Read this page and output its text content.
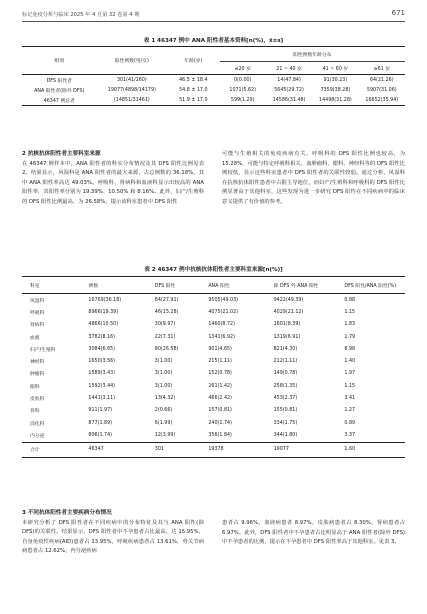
标记免疫分析与临床 2025 年 4 月第 32 卷第 4 期	671
表 1 46347 例中 ANA 阳性者基本资料[n(%)，x̄±s]
组别	阳性例数(男/女)	年龄(岁)	阳性例数年龄分布			
			≤20 岁	21 ~ 40 岁	41 ~ 60 岁	≥61 岁
DFS 阳性者	301(41/260)	46.5 ± 18.4	0(0.00)	14(47.84)	91(30.23)	64(21.26)
ANA 阳性者(除外 DFS)	19077(4898/14179)	54.8 ± 17.0	1071(5.62)	5645(29.72)	7359(38.28)	5907(31.06)
46347 例总者	(14851/31461)	51.9 ± 17.0	599(1.29)	14586(31.48)	14498(31.28)	16652(35.94)
2 抗核抗体阳性者主要科室来源
在 46347 例样本中，ANA 阳性者的科室分布情况及其 DFS 阳性比例见表 2。结果显示，风湿科是 ANA 阳性者的最大来源，占总例数的 36.18%，其中 ANA 阳性率高达 49.03%。呼吸科、肾病科和血液科显示出较高的 ANA 阳性率，其阳性率分别为 19.39%、10.50% 和 8.16%。此外，妇产/生殖科的 DFS 阳性比例最高，为 26.58%，提示该科室患者中 DFS 阳性
可能与生殖相关的免疫疾病有关。呼吸科的 DFS 阳性比例也较高，为 15.28%，可能与特定呼吸科相关、血肿瘤科、眼科、神经科等的 DFS 阳性比例较低，显示这些科室患者中 DFS 阳性者的关联性较弱。通过分析，风湿科在抗核抗体阳性患者中占据主导地位，而妇产/生殖科和呼吸科的 DFS 阳性比例显著高于其他科室，这些发现为进一步研究 DFS 阳性在不同疾病中的临床意义提供了有价值的参考。
表 2 46347 例中抗核抗体阳性者主要科室来源[n(%)]
科室	例数	DFS 阳性	ANA 阳性	除 DFS 外 ANA 阳性	DFS 阳性/ANA 阳性(%)
风湿科	16769(36.18)	84(27.91)	9505(49.03)	9422(49.39)	0.88
呼吸科	8966(19.39)	46(15.28)	4075(21.02)	4029(21.12)	1.15
肾病科	4866(10.50)	30(9.97)	1460(8.72)	1601(8.39)	1.83
血液	3782(8.16)	22(7.31)	1341(6.92)	1319(6.91)	1.79
妇产/生殖科	3084(6.65)	80(26.58)	901(4.65)	821(4.30)	8.98
神经科	1650(3.56)	3(1.00)	215(1.11)	212(1.11)	1.40
肿瘤科	1589(3.43)	3(1.00)	152(0.78)	149(0.78)	1.97
眼科	1592(3.44)	3(1.00)	261(1.42)	258(1.35)	1.15
皮肤科	1441(3.11)	13(4.32)	466(2.42)	453(2.37)	3.41
骨科	911(1.97)	2(0.66)	157(0.81)	155(0.81)	1.27
消化科	877(1.89)	6(1.99)	240(1.74)	334(1.75)	0.89
内分泌	806(1.74)	12(3.99)	356(1.84)	344(1.80)	3.37
合计	46347	301	19378	19077	1.60
3 不同抗体阳性者主要疾病分布情况
本研究分析了 DFS 阳性者在不同疾病中的分布特征及其与 ANA 阳性(除 DFS)的关联性。结果显示，DFS 阳性者中不孕患者占比最高，达 15.95%，自身免疫性疾病(AID)患者占 13.95%，呼吸疾病患者占 13.61%，骨关节病病患者占 12.62%，内分泌疾病
患者占 9.96%，血液病患者 8.97%，皮肤病患者占 8.30%，肾病患者占 6.97%。此外，DFS 阳性者中不孕患者占比明显高于 ANA 阳性者(除外 DFS)中不孕患者的比例，提示在不孕患者中 DFS 阳性率高于其他科室。见表 3。
